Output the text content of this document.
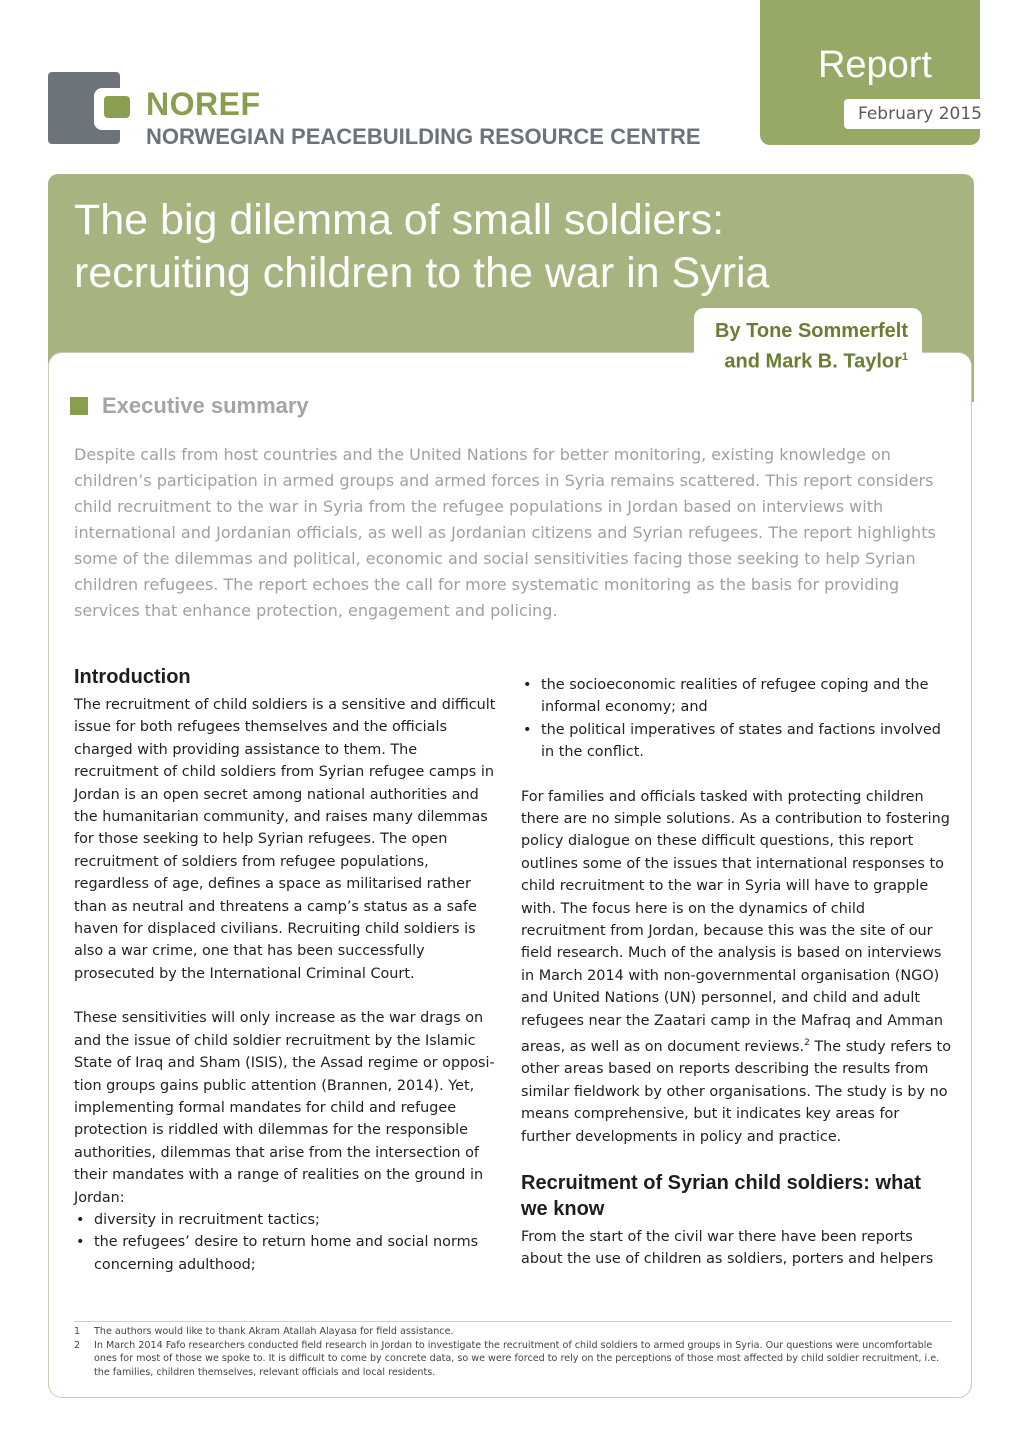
NOREF
NORWEGIAN PEACEBUILDING RESOURCE CENTRE
Report
February 2015
The big dilemma of small soldiers:
recruiting children to the war in Syria
By Tone Sommerfelt
and Mark B. Taylor$^1$
Executive summary
Despite calls from host countries and the United Nations for better monitoring, existing knowledge on children’s participation in armed groups and armed forces in Syria remains scattered. This report considers child recruitment to the war in Syria from the refugee populations in Jordan based on interviews with international and Jordanian officials, as well as Jordanian citizens and Syrian refugees. The report highlights some of the dilemmas and political, economic and social sensitivities facing those seeking to help Syrian children refugees. The report echoes the call for more systematic monitoring as the basis for providing services that enhance protection, engagement and policing.
Introduction

The recruitment of child soldiers is a sensitive and difficult issue for both refugees themselves and the officials charged with providing assistance to them. The recruitment of child soldiers from Syrian refugee camps in Jordan is an open secret among national authorities and the humanitarian community, and raises many dilemmas for those seeking to help Syrian refugees. The open recruitment of soldiers from refugee populations, regardless of age, defines a space as militarised rather than as neutral and threatens a camp’s status as a safe haven for displaced civilians. Recruiting child soldiers is also a war crime, one that has been successfully prosecuted by the International Criminal Court.

These sensitivities will only increase as the war drags on and the issue of child soldier recruitment by the Islamic State of Iraq and Sham (ISIS), the Assad regime or opposition groups gains public attention (Brannen, 2014). Yet, implementing formal mandates for child and refugee protection is riddled with dilemmas for the responsible authorities, dilemmas that arise from the intersection of their mandates with a range of realities on the ground in Jordan:

• diversity in recruitment tactics;
• the refugees’ desire to return home and social norms concerning adulthood;
• the socioeconomic realities of refugee coping and the informal economy; and
• the political imperatives of states and factions involved in the conflict.

For families and officials tasked with protecting children there are no simple solutions. As a contribution to fostering policy dialogue on these difficult questions, this report outlines some of the issues that international responses to child recruitment to the war in Syria will have to grapple with. The focus here is on the dynamics of child recruitment from Jordan, because this was the site of our field research. Much of the analysis is based on interviews in March 2014 with non-governmental organisation (NGO) and United Nations (UN) personnel, and child and adult refugees near the Zaatari camp in the Mafraq and Amman areas, as well as on document reviews.$^2$ The study refers to other areas based on reports describing the results from similar fieldwork by other organisations. The study is by no means comprehensive, but it indicates key areas for further developments in policy and practice.

Recruitment of Syrian child soldiers: what we know

From the start of the civil war there have been reports about the use of children as soldiers, porters and helpers

1	The authors would like to thank Akram Atallah Alayasa for field assistance.
2	In March 2014 Fafo researchers conducted field research in Jordan to investigate the recruitment of child soldiers to armed groups in Syria. Our questions were uncomfortable ones for most of those we spoke to. It is difficult to come by concrete data, so we were forced to rely on the perceptions of those most affected by child soldier recruitment, i.e. the families, children themselves, relevant officials and local residents.
